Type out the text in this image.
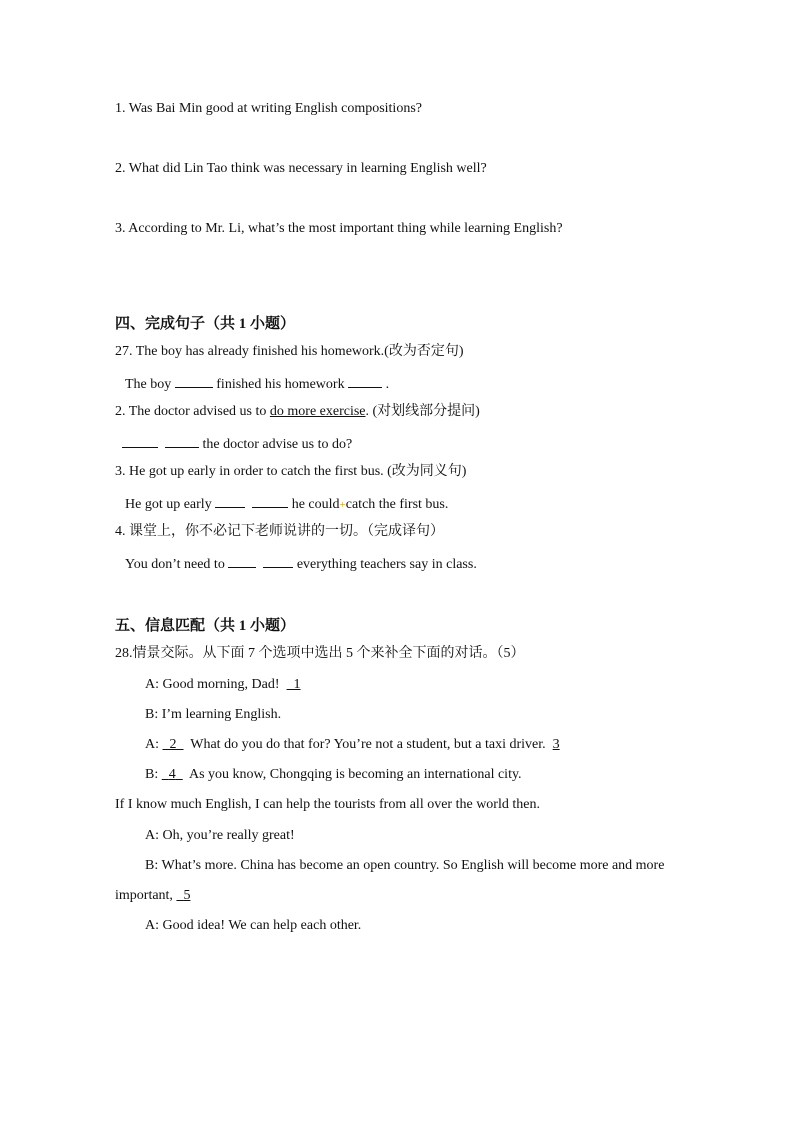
1. Was Bai Min good at writing English compositions?
2. What did Lin Tao think was necessary in learning English well?
3. According to Mr. Li, what’s the most important thing while learning English?
四、完成句子（共 1 小题）
27. The boy has already finished his homework.(改为否定句)
The boy	finished his homework	.
2. The doctor advised us to do more exercise. (对划线部分提问)
the doctor advise us to do?
3. He got up early in order to catch the first bus. (改为同义句)
He got up early	he could+catch the first bus.
4. 课堂上，你不必记下老师说讲的一切。（完成译句）
You don’t need to	everything teachers say in class.
五、信息匹配（共 1 小题）
28.情景交际。从下面 7 个选项中选出 5 个来补全下面的对话。（5）
A: Good morning, Dad! 1
B: I’m learning English.
A: 2 What do you do that for? You’re not a student, but a taxi driver. 3
B: 4 As you know, Chongqing is becoming an international city.
If I know much English, I can help the tourists from all over the world then.
A: Oh, you’re really great!
B: What’s more. China has become an open country. So English will become more and more
important, 5
A: Good idea! We can help each other.
